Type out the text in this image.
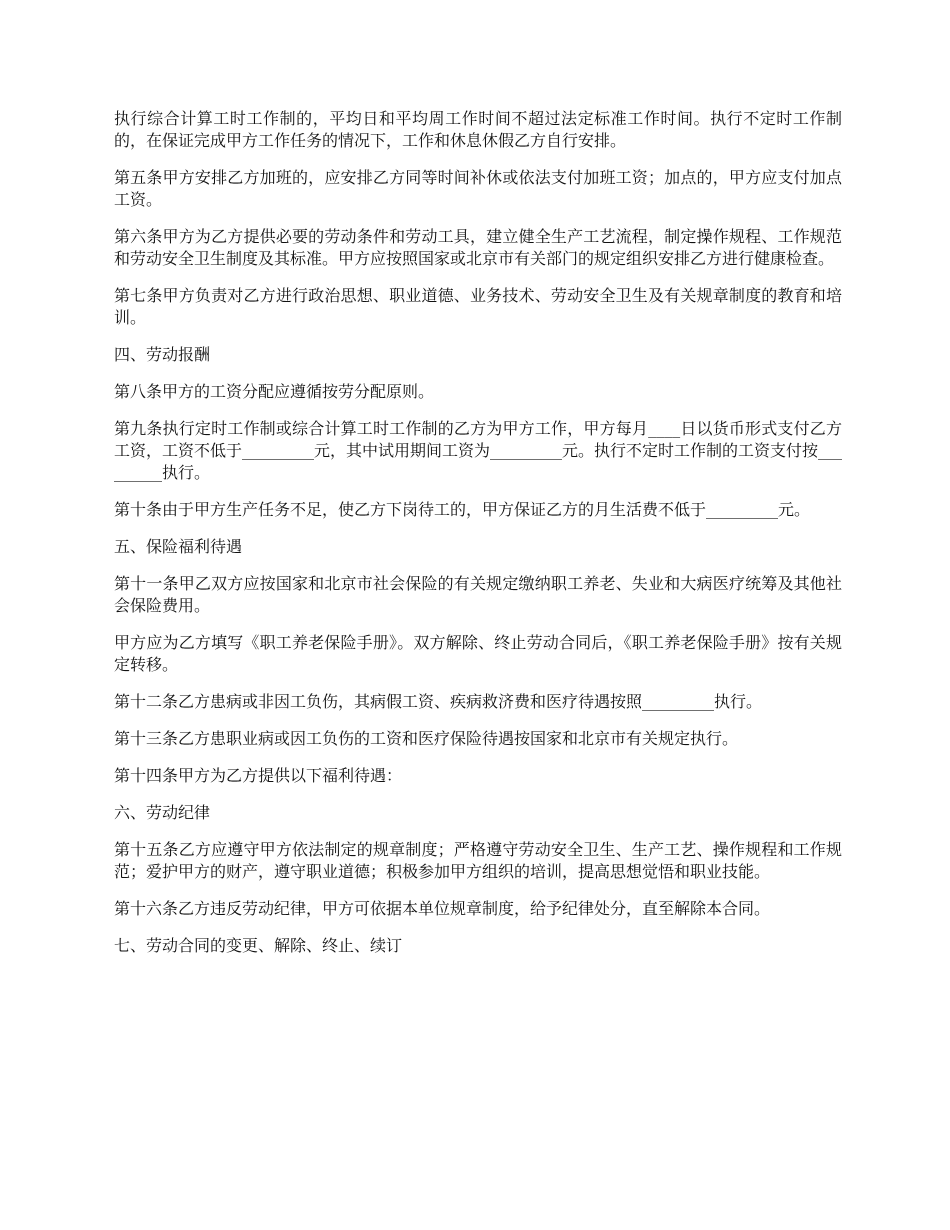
执行综合计算工时工作制的，平均日和平均周工作时间不超过法定标准工作时间。执行不定时工作制的，在保证完成甲方工作任务的情况下，工作和休息休假乙方自行安排。

第五条甲方安排乙方加班的，应安排乙方同等时间补休或依法支付加班工资；加点的，甲方应支付加点工资。

第六条甲方为乙方提供必要的劳动条件和劳动工具，建立健全生产工艺流程，制定操作规程、工作规范和劳动安全卫生制度及其标准。甲方应按照国家或北京市有关部门的规定组织安排乙方进行健康检查。

第七条甲方负责对乙方进行政治思想、职业道德、业务技术、劳动安全卫生及有关规章制度的教育和培训。

四、劳动报酬

第八条甲方的工资分配应遵循按劳分配原则。

第九条执行定时工作制或综合计算工时工作制的乙方为甲方工作，甲方每月____日以货币形式支付乙方工资，工资不低于_________元，其中试用期间工资为_________元。执行不定时工作制的工资支付按_________执行。

第十条由于甲方生产任务不足，使乙方下岗待工的，甲方保证乙方的月生活费不低于_________元。

五、保险福利待遇

第十一条甲乙双方应按国家和北京市社会保险的有关规定缴纳职工养老、失业和大病医疗统筹及其他社会保险费用。

甲方应为乙方填写《职工养老保险手册》。双方解除、终止劳动合同后，《职工养老保险手册》按有关规定转移。

第十二条乙方患病或非因工负伤，其病假工资、疾病救济费和医疗待遇按照_________执行。

第十三条乙方患职业病或因工负伤的工资和医疗保险待遇按国家和北京市有关规定执行。

第十四条甲方为乙方提供以下福利待遇：

六、劳动纪律

第十五条乙方应遵守甲方依法制定的规章制度；严格遵守劳动安全卫生、生产工艺、操作规程和工作规范；爱护甲方的财产，遵守职业道德；积极参加甲方组织的培训，提高思想觉悟和职业技能。

第十六条乙方违反劳动纪律，甲方可依据本单位规章制度，给予纪律处分，直至解除本合同。

七、劳动合同的变更、解除、终止、续订
